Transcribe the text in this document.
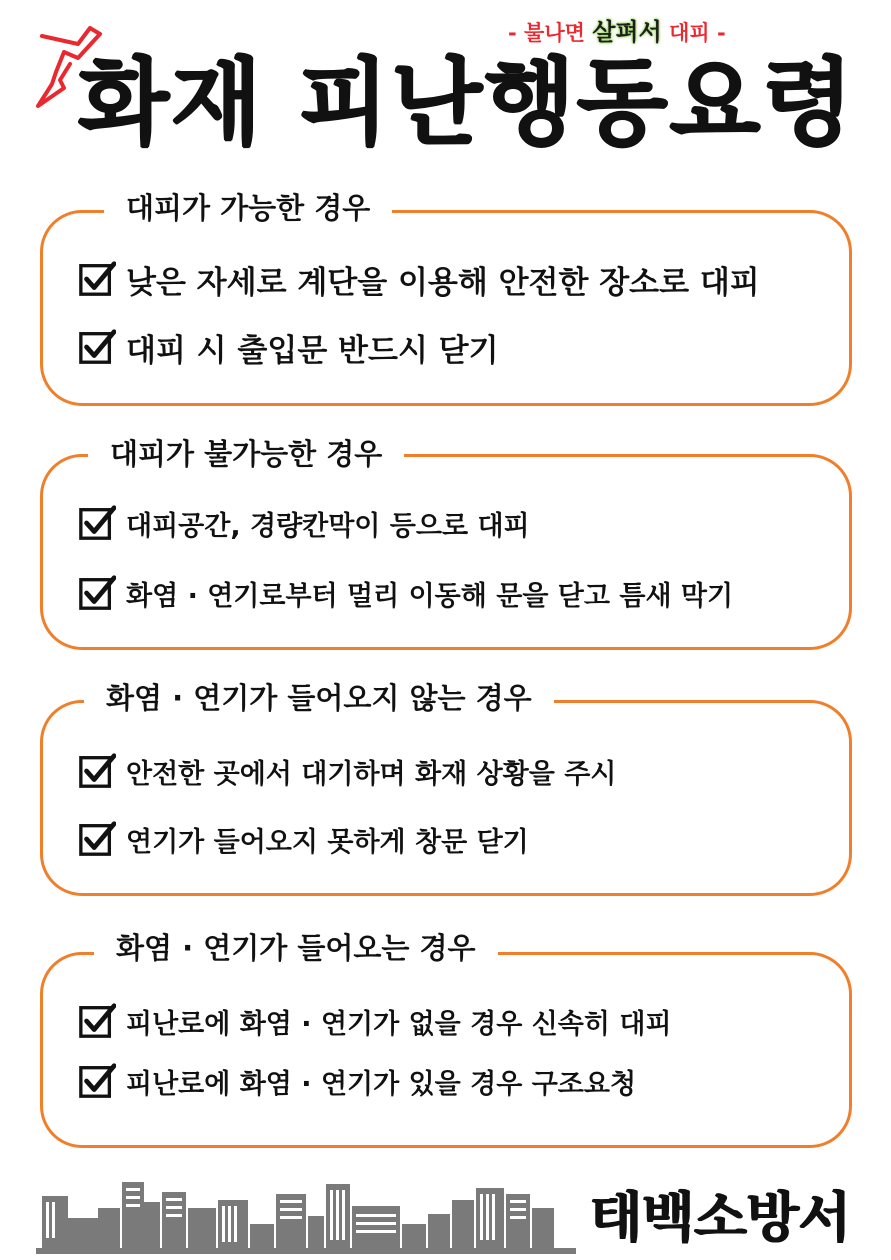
- 불나면 살펴서 대피 -
화재 피난행동요령
대피가 가능한 경우
낮은 자세로 계단을 이용해 안전한 장소로 대피
대피 시 출입문 반드시 닫기
대피가 불가능한 경우
대피공간, 경량칸막이 등으로 대피
화염 · 연기로부터 멀리 이동해 문을 닫고 틈새 막기
화염 · 연기가 들어오지 않는 경우
안전한 곳에서 대기하며 화재 상황을 주시
연기가 들어오지 못하게 창문 닫기
화염 · 연기가 들어오는 경우
피난로에 화염 · 연기가 없을 경우 신속히 대피
피난로에 화염 · 연기가 있을 경우 구조요청
태백소방서
